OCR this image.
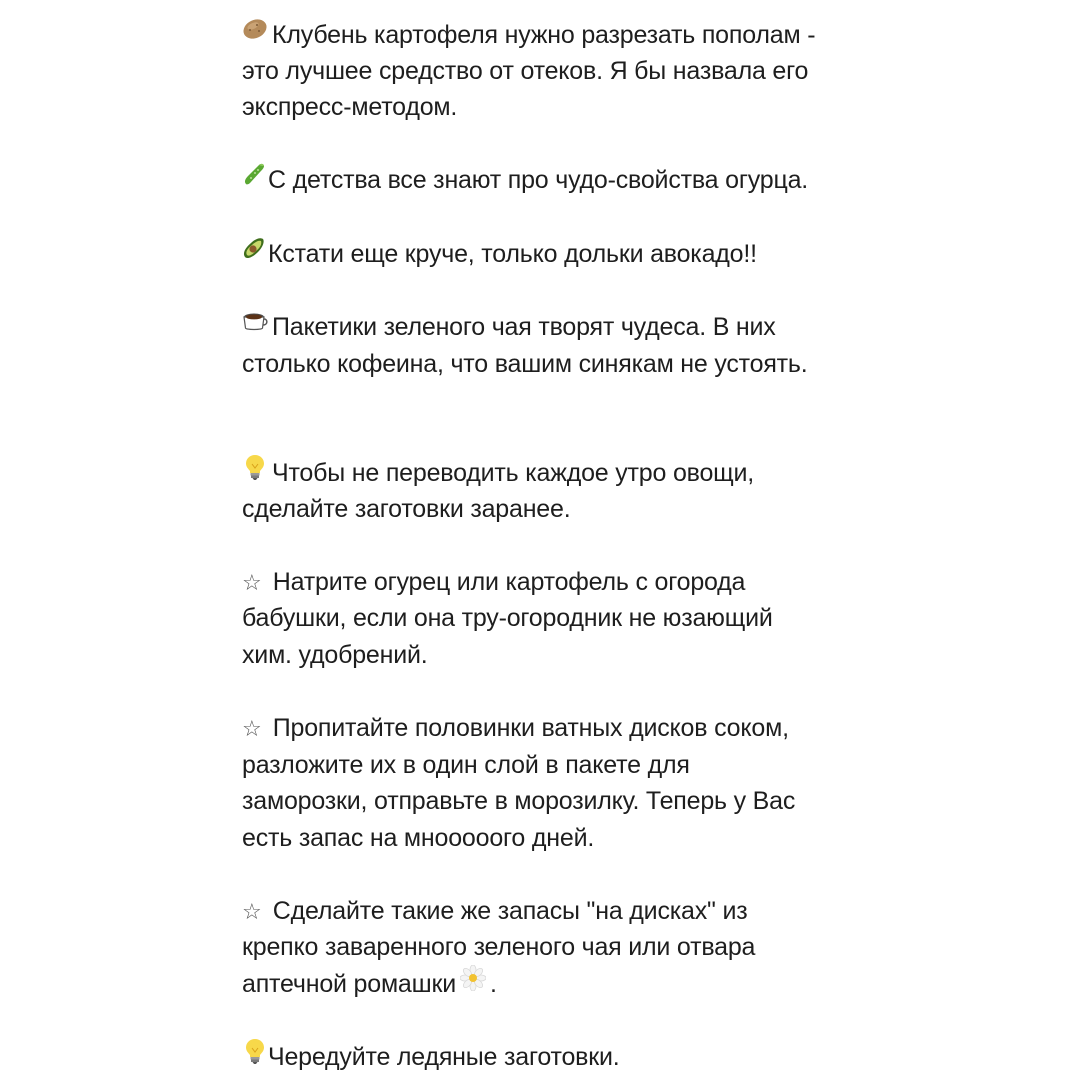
Клубень картофеля нужно разрезать пополам -
это лучшее средство от отеков. Я бы назвала его
экспресс-методом.
С детства все знают про чудо-свойства огурца.
Кстати еще круче, только дольки авокадо!!
Пакетики зеленого чая творят чудеса. В них
столько кофеина, что вашим синякам не устоять.
Чтобы не переводить каждое утро овощи,
сделайте заготовки заранее.
☆ Натрите огурец или картофель с огорода
бабушки, если она тру-огородник не юзающий
хим. удобрений.
☆ Пропитайте половинки ватных дисков соком,
разложите их в один слой в пакете для
заморозки, отправьте в морозилку. Теперь у Вас
есть запас на мнооооого дней.
☆ Сделайте такие же запасы "на дисках" из
крепко заваренного зеленого чая или отвара
аптечной ромашки .
Чередуйте ледяные заготовки.
